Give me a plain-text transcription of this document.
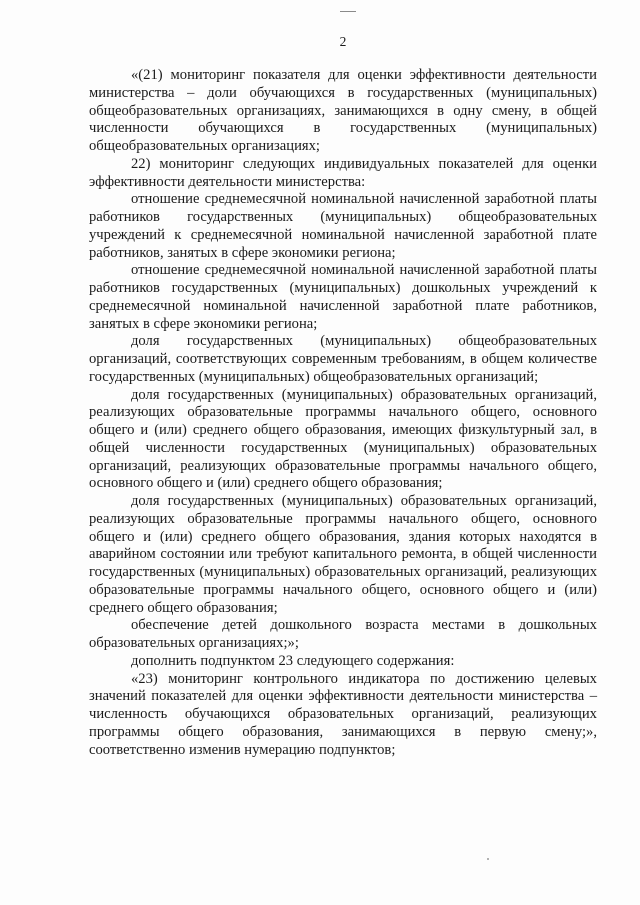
2

«(21) мониторинг показателя для оценки эффективности деятельности министерства – доли обучающихся в государственных (муниципальных) общеобразовательных организациях, занимающихся в одну смену, в общей численности обучающихся в государственных (муниципальных) общеобразовательных организациях;

22) мониторинг следующих индивидуальных показателей для оценки эффективности деятельности министерства:

отношение среднемесячной номинальной начисленной заработной платы работников государственных (муниципальных) общеобразовательных учреждений к среднемесячной номинальной начисленной заработной плате работников, занятых в сфере экономики региона;

отношение среднемесячной номинальной начисленной заработной платы работников государственных (муниципальных) дошкольных учреждений к среднемесячной номинальной начисленной заработной плате работников, занятых в сфере экономики региона;

доля государственных (муниципальных) общеобразовательных организаций, соответствующих современным требованиям, в общем количестве государственных (муниципальных) общеобразовательных организаций;

доля государственных (муниципальных) образовательных организаций, реализующих образовательные программы начального общего, основного общего и (или) среднего общего образования, имеющих физкультурный зал, в общей численности государственных (муниципальных) образовательных организаций, реализующих образовательные программы начального общего, основного общего и (или) среднего общего образования;

доля государственных (муниципальных) образовательных организаций, реализующих образовательные программы начального общего, основного общего и (или) среднего общего образования, здания которых находятся в аварийном состоянии или требуют капитального ремонта, в общей численности государственных (муниципальных) образовательных организаций, реализующих образовательные программы начального общего, основного общего и (или) среднего общего образования;

обеспечение детей дошкольного возраста местами в дошкольных образовательных организациях;»;

дополнить подпунктом 23 следующего содержания:

«23) мониторинг контрольного индикатора по достижению целевых значений показателей для оценки эффективности деятельности министерства – численность обучающихся образовательных организаций, реализующих программы общего образования, занимающихся в первую смену;», соответственно изменив нумерацию подпунктов;
